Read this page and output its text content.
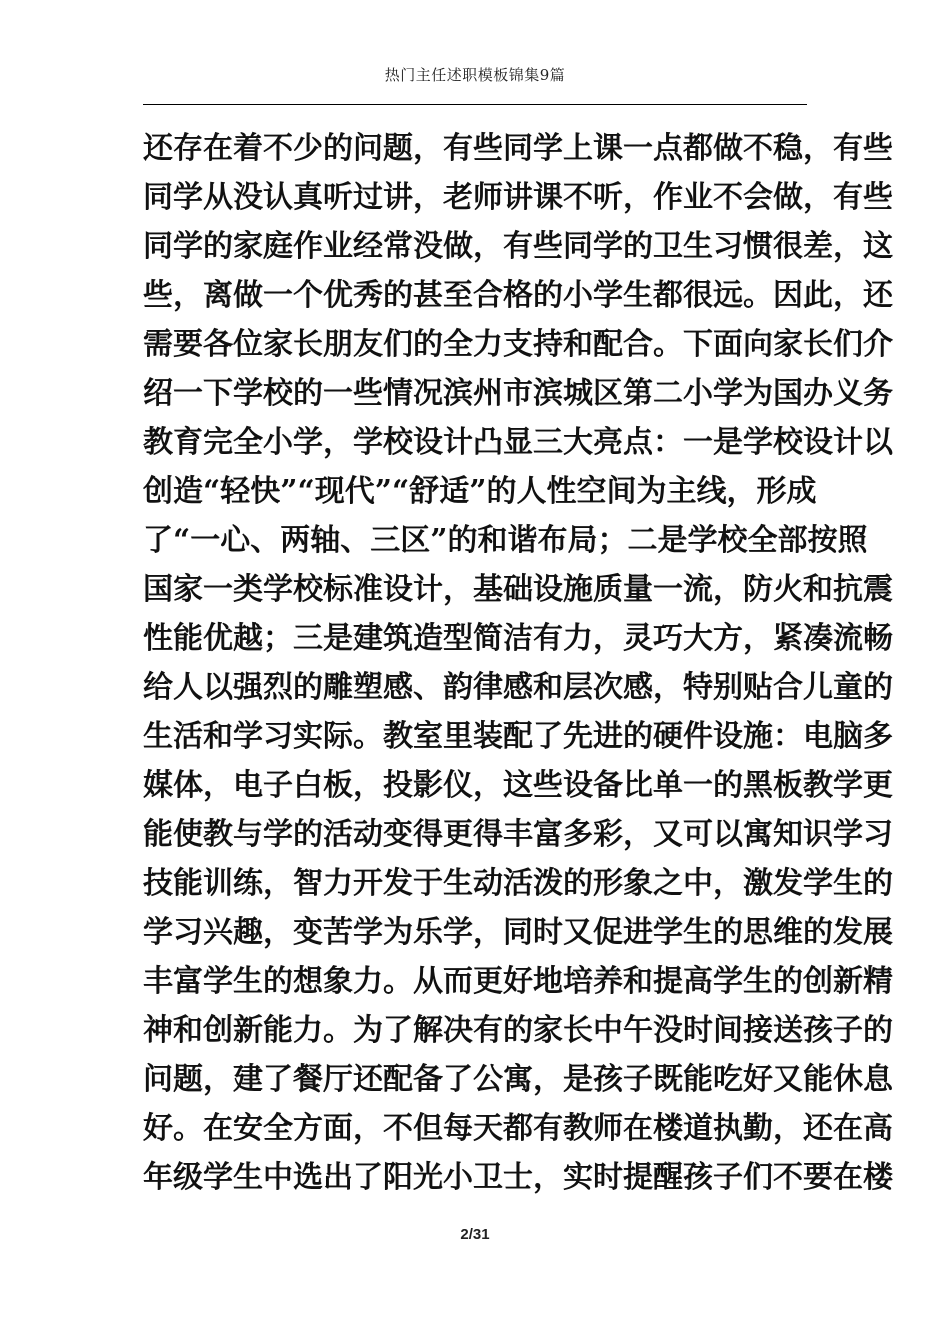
热门主任述职模板锦集9篇
还存在着不少的问题，有些同学上课一点都做不稳，有些
同学从没认真听过讲，老师讲课不听，作业不会做，有些
同学的家庭作业经常没做，有些同学的卫生习惯很差，这
些，离做一个优秀的甚至合格的小学生都很远。因此，还
需要各位家长朋友们的全力支持和配合。下面向家长们介
绍一下学校的一些情况滨州市滨城区第二小学为国办义务
教育完全小学，学校设计凸显三大亮点：一是学校设计以
创造“轻快”“现代”“舒适”的人性空间为主线，形成
了“一心、两轴、三区”的和谐布局；二是学校全部按照
国家一类学校标准设计，基础设施质量一流，防火和抗震
性能优越；三是建筑造型简洁有力，灵巧大方，紧凑流畅
给人以强烈的雕塑感、韵律感和层次感，特别贴合儿童的
生活和学习实际。教室里装配了先进的硬件设施：电脑多
媒体，电子白板，投影仪，这些设备比单一的黑板教学更
能使教与学的活动变得更得丰富多彩，又可以寓知识学习
技能训练，智力开发于生动活泼的形象之中，激发学生的
学习兴趣，变苦学为乐学，同时又促进学生的思维的发展
丰富学生的想象力。从而更好地培养和提高学生的创新精
神和创新能力。为了解决有的家长中午没时间接送孩子的
问题，建了餐厅还配备了公寓，是孩子既能吃好又能休息
好。在安全方面，不但每天都有教师在楼道执勤，还在高
年级学生中选出了阳光小卫士，实时提醒孩子们不要在楼
2/31
